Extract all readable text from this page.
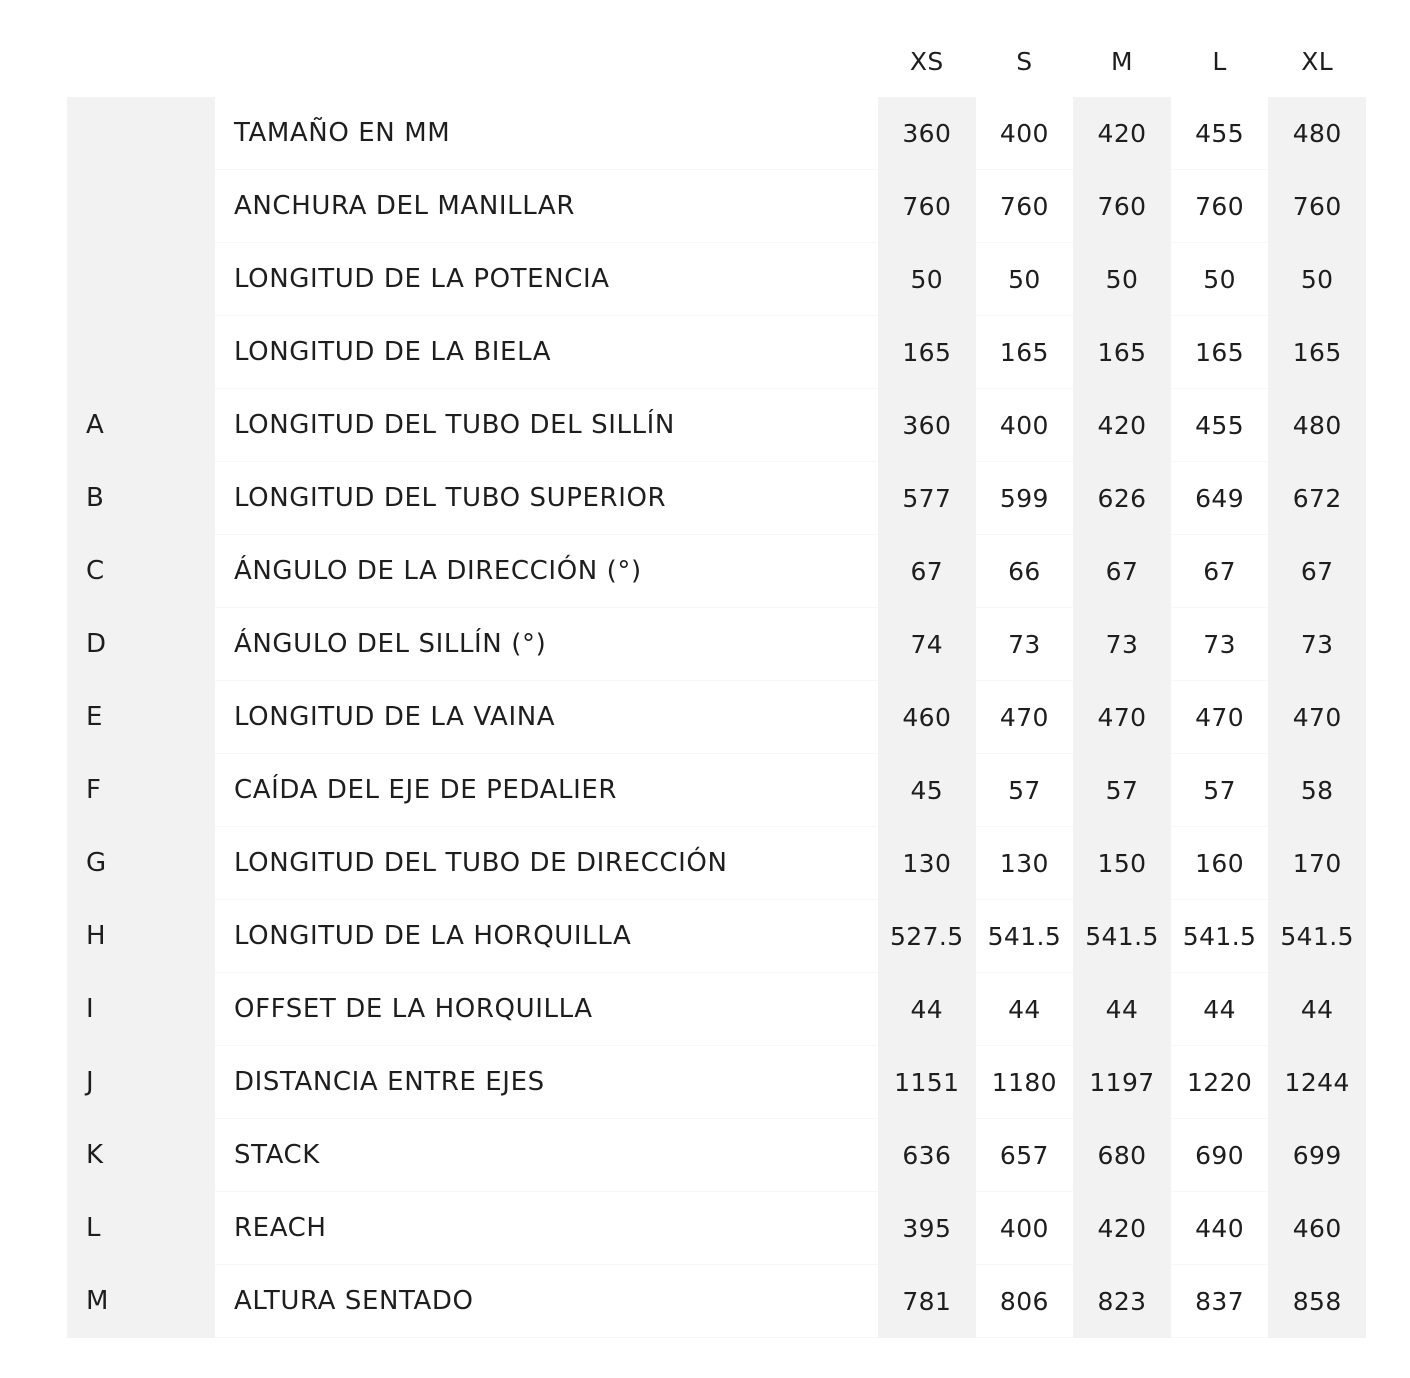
XS	S	M	L	XL
TAMAÑO EN MM	360	400	420	455	480
ANCHURA DEL MANILLAR	760	760	760	760	760
LONGITUD DE LA POTENCIA	50	50	50	50	50
LONGITUD DE LA BIELA	165	165	165	165	165
A	LONGITUD DEL TUBO DEL SILLÍN	360	400	420	455	480
B	LONGITUD DEL TUBO SUPERIOR	577	599	626	649	672
C	ÁNGULO DE LA DIRECCIÓN (°)	67	66	67	67	67
D	ÁNGULO DEL SILLÍN (°)	74	73	73	73	73
E	LONGITUD DE LA VAINA	460	470	470	470	470
F	CAÍDA DEL EJE DE PEDALIER	45	57	57	57	58
G	LONGITUD DEL TUBO DE DIRECCIÓN	130	130	150	160	170
H	LONGITUD DE LA HORQUILLA	527.5 541.5 541.5 541.5 541.5
I	OFFSET DE LA HORQUILLA	44	44	44	44	44
J	DISTANCIA ENTRE EJES	1151	1180	1197	1220	1244
K	STACK	636	657	680	690	699
L	REACH	395	400	420	440	460
M	ALTURA SENTADO	781	806	823	837	858
